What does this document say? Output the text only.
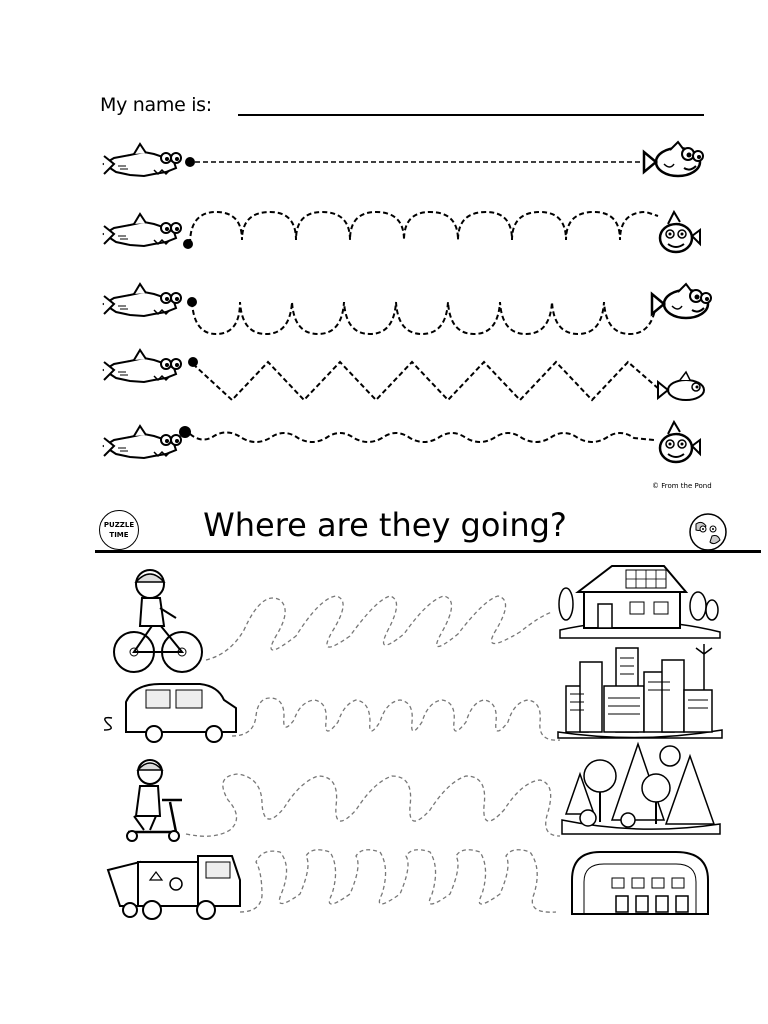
My name is:
© From the Pond
PUZZLE
TIME	Where are they going?
